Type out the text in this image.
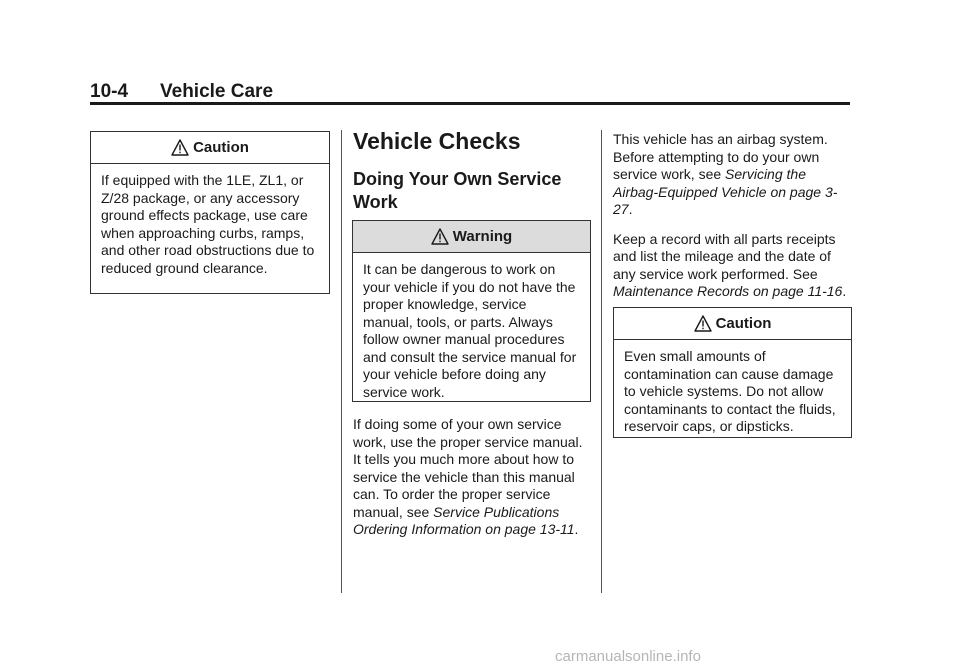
10-4 Vehicle Care
Caution
If equipped with the 1LE, ZL1, or Z/28 package, or any accessory ground effects package, use care when approaching curbs, ramps, and other road obstructions due to reduced ground clearance.
Vehicle Checks
Doing Your Own Service Work
Warning
It can be dangerous to work on your vehicle if you do not have the proper knowledge, service manual, tools, or parts. Always follow owner manual procedures and consult the service manual for your vehicle before doing any service work.

If doing some of your own service work, use the proper service manual. It tells you much more about how to service the vehicle than this manual can. To order the proper service manual, see Service Publications Ordering Information on page 13-11.

This vehicle has an airbag system. Before attempting to do your own service work, see Servicing the Airbag-Equipped Vehicle on page 3-27.

Keep a record with all parts receipts and list the mileage and the date of any service work performed. See Maintenance Records on page 11-16.

Caution
Even small amounts of contamination can cause damage to vehicle systems. Do not allow contaminants to contact the fluids, reservoir caps, or dipsticks.
carmanualsonline.info
